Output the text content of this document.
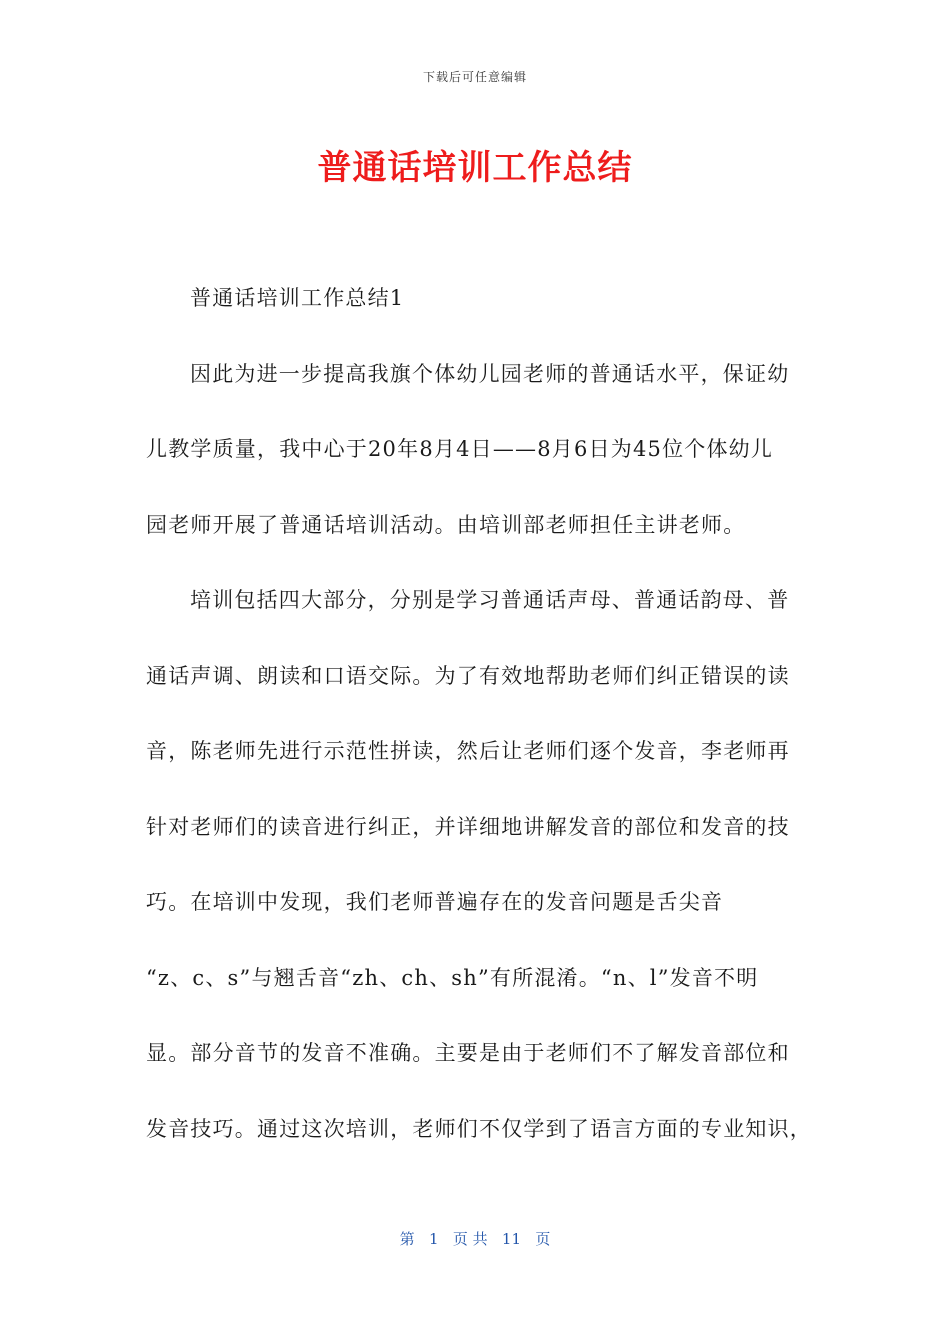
下载后可任意编辑
普通话培训工作总结
普通话培训工作总结1
因此为进一步提高我旗个体幼儿园老师的普通话水平，保证幼
儿教学质量，我中心于20年8月4日——8月6日为45位个体幼儿
园老师开展了普通话培训活动。由培训部老师担任主讲老师。
培训包括四大部分，分别是学习普通话声母、普通话韵母、普
通话声调、朗读和口语交际。为了有效地帮助老师们纠正错误的读
音，陈老师先进行示范性拼读，然后让老师们逐个发音，李老师再
针对老师们的读音进行纠正，并详细地讲解发音的部位和发音的技
巧。在培训中发现，我们老师普遍存在的发音问题是舌尖音
“z、c、s”与翘舌音“zh、ch、sh”有所混淆。“n、l”发音不明
显。部分音节的发音不准确。主要是由于老师们不了解发音部位和
发音技巧。通过这次培训，老师们不仅学到了语言方面的专业知识，
第 1 页 共 11 页
